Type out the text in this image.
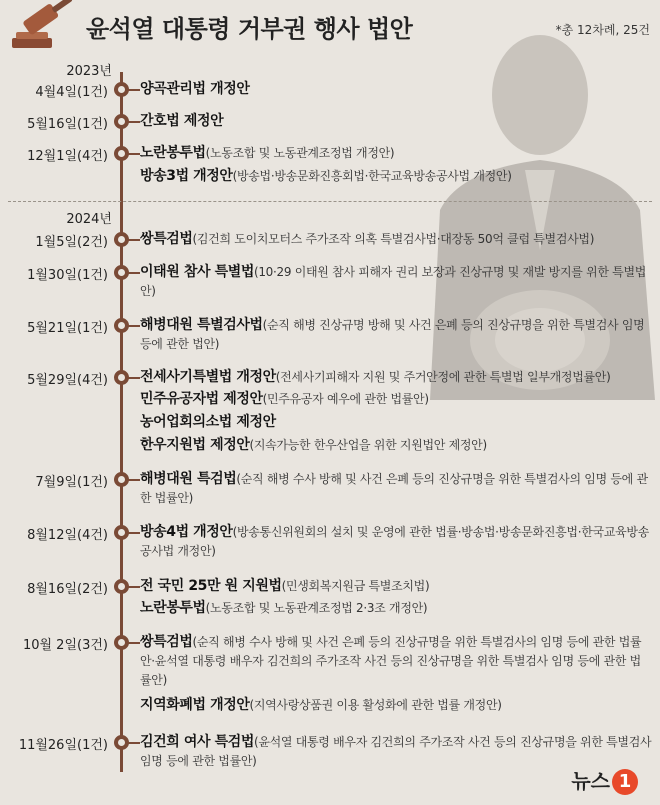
윤석열 대통령 거부권 행사 법안	*총 12차례, 25건
2023년
2024년
4월4일(1건) 양곡관리법 개정안
5월16일(1건) 간호법 제정안
12월1일(4건) 노란봉투법(노동조합 및 노동관계조정법 개정안)
방송3법 개정안(방송법·방송문화진흥회법·한국교육방송공사법 개정안)
1월5일(2건) 쌍특검법(김건희 도이치모터스 주가조작 의혹 특별검사법·대장동 50억 클럽 특별검사법)
1월30일(1건) 이태원 참사 특별법(10·29 이태원 참사 피해자 권리 보장과 진상규명 및 재발 방지를 위한 특별법안)
5월21일(1건) 해병대원 특별검사법(순직 해병 진상규명 방해 및 사건 은폐 등의 진상규명을 위한 특별검사 임명 등에 관한 법안)
5월29일(4건) 전세사기특별법 개정안(전세사기피해자 지원 및 주거안정에 관한 특별법 일부개정법률안)
민주유공자법 제정안(민주유공자 예우에 관한 법률안)
농어업회의소법 제정안
한우지원법 제정안(지속가능한 한우산업을 위한 지원법안 제정안)
7월9일(1건) 해병대원 특검법(순직 해병 수사 방해 및 사건 은폐 등의 진상규명을 위한 특별검사의 임명 등에 관한 법률안)
8월12일(4건) 방송4법 개정안(방송통신위원회의 설치 및 운영에 관한 법률·방송법·방송문화진흥법·한국교육방송공사법 개정안)
8월16일(2건) 전 국민 25만 원 지원법(민생회복지원금 특별조치법)
노란봉투법(노동조합 및 노동관계조정법 2·3조 개정안)
10월 2일(3건) 쌍특검법(순직 해병 수사 방해 및 사건 은폐 등의 진상규명을 위한 특별검사의 임명 등에 관한 법률안·윤석열 대통령 배우자 김건희의 주가조작 사건 등의 진상규명을 위한 특별검사 임명 등에 관한 법률안)
지역화폐법 개정안(지역사랑상품권 이용 활성화에 관한 법률 개정안)
11월26일(1건) 김건희 여사 특검법(윤석열 대통령 배우자 김건희의 주가조작 사건 등의 진상규명을 위한 특별검사 임명 등에 관한 법률안)
뉴스 1
